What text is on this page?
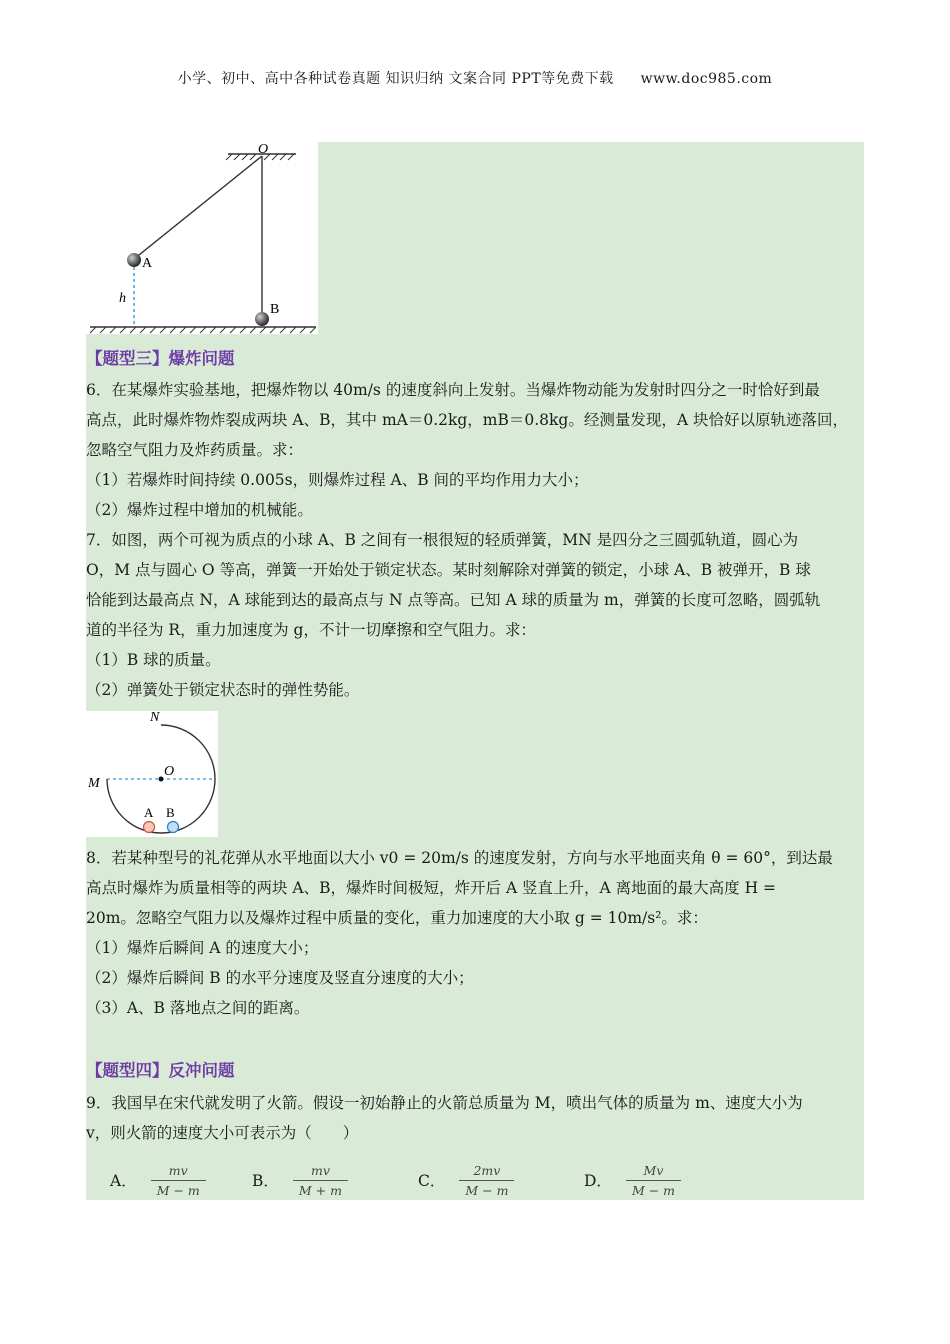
小学、初中、高中各种试卷真题 知识归纳 文案合同 PPT等免费下载 www.doc985.com
O
A
h
B
【题型三】爆炸问题
6．在某爆炸实验基地，把爆炸物以 40m/s 的速度斜向上发射。当爆炸物动能为发射时四分之一时恰好到最
高点，此时爆炸物炸裂成两块 A、B，其中 mA＝0.2kg，mB＝0.8kg。经测量发现，A 块恰好以原轨迹落回，
忽略空气阻力及炸药质量。求：
（1）若爆炸时间持续 0.005s，则爆炸过程 A、B 间的平均作用力大小；
（2）爆炸过程中增加的机械能。
7．如图，两个可视为质点的小球 A、B 之间有一根很短的轻质弹簧，MN 是四分之三圆弧轨道，圆心为
O，M 点与圆心 O 等高，弹簧一开始处于锁定状态。某时刻解除对弹簧的锁定，小球 A、B 被弹开，B 球
恰能到达最高点 N，A 球能到达的最高点与 N 点等高。已知 A 球的质量为 m，弹簧的长度可忽略，圆弧轨
道的半径为 R，重力加速度为 g，不计一切摩擦和空气阻力。求：
（1）B 球的质量。
（2）弹簧处于锁定状态时的弹性势能。
N
O
M
A B
8．若某种型号的礼花弹从水平地面以大小 v0 = 20m/s 的速度发射，方向与水平地面夹角 θ = 60°，到达最
高点时爆炸为质量相等的两块 A、B，爆炸时间极短，炸开后 A 竖直上升，A 离地面的最大高度 H =
20m。忽略空气阻力以及爆炸过程中质量的变化，重力加速度的大小取 g = 10m/s²。求：
（1）爆炸后瞬间 A 的速度大小；
（2）爆炸后瞬间 B 的水平分速度及竖直分速度的大小；
（3）A、B 落地点之间的距离。
【题型四】反冲问题
9．我国早在宋代就发明了火箭。假设一初始静止的火箭总质量为 M，喷出气体的质量为 m、速度大小为
v，则火箭的速度大小可表示为（　　）
A． $\frac{mv}{M - m}$	B． $\frac{mv}{M + m}$	C． $\frac{2mv}{M - m}$	D． $\frac{Mv}{M - m}$
